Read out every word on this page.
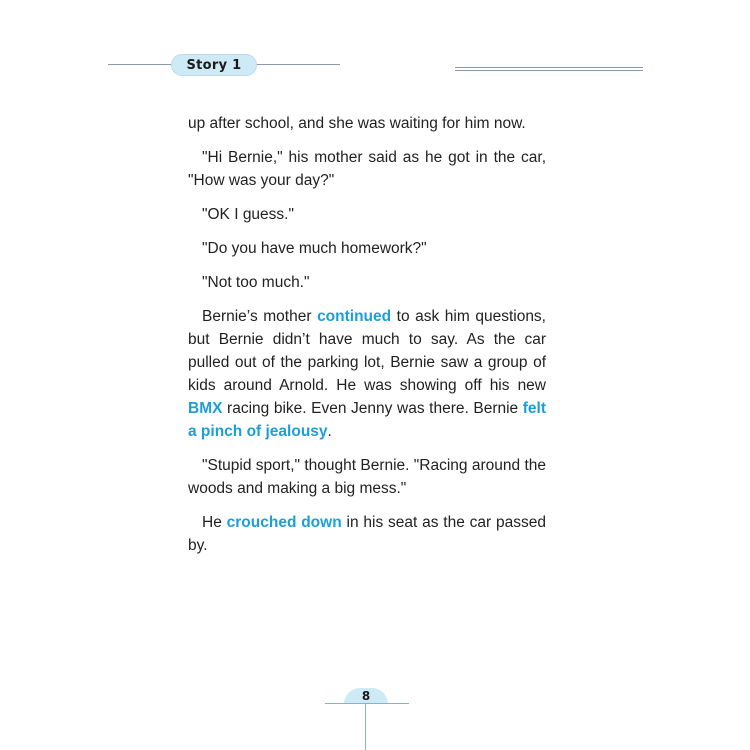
Story 1

up after school, and she was waiting for him now.

"Hi Bernie," his mother said as he got in the car, "How was your day?"

"OK I guess."

"Do you have much homework?"

"Not too much."

Bernie’s mother continued to ask him questions, but Bernie didn’t have much to say. As the car pulled out of the parking lot, Bernie saw a group of kids around Arnold. He was showing off his new BMX racing bike. Even Jenny was there. Bernie felt a pinch of jealousy.

"Stupid sport," thought Bernie. "Racing around the woods and making a big mess."

He crouched down in his seat as the car passed by.

8
